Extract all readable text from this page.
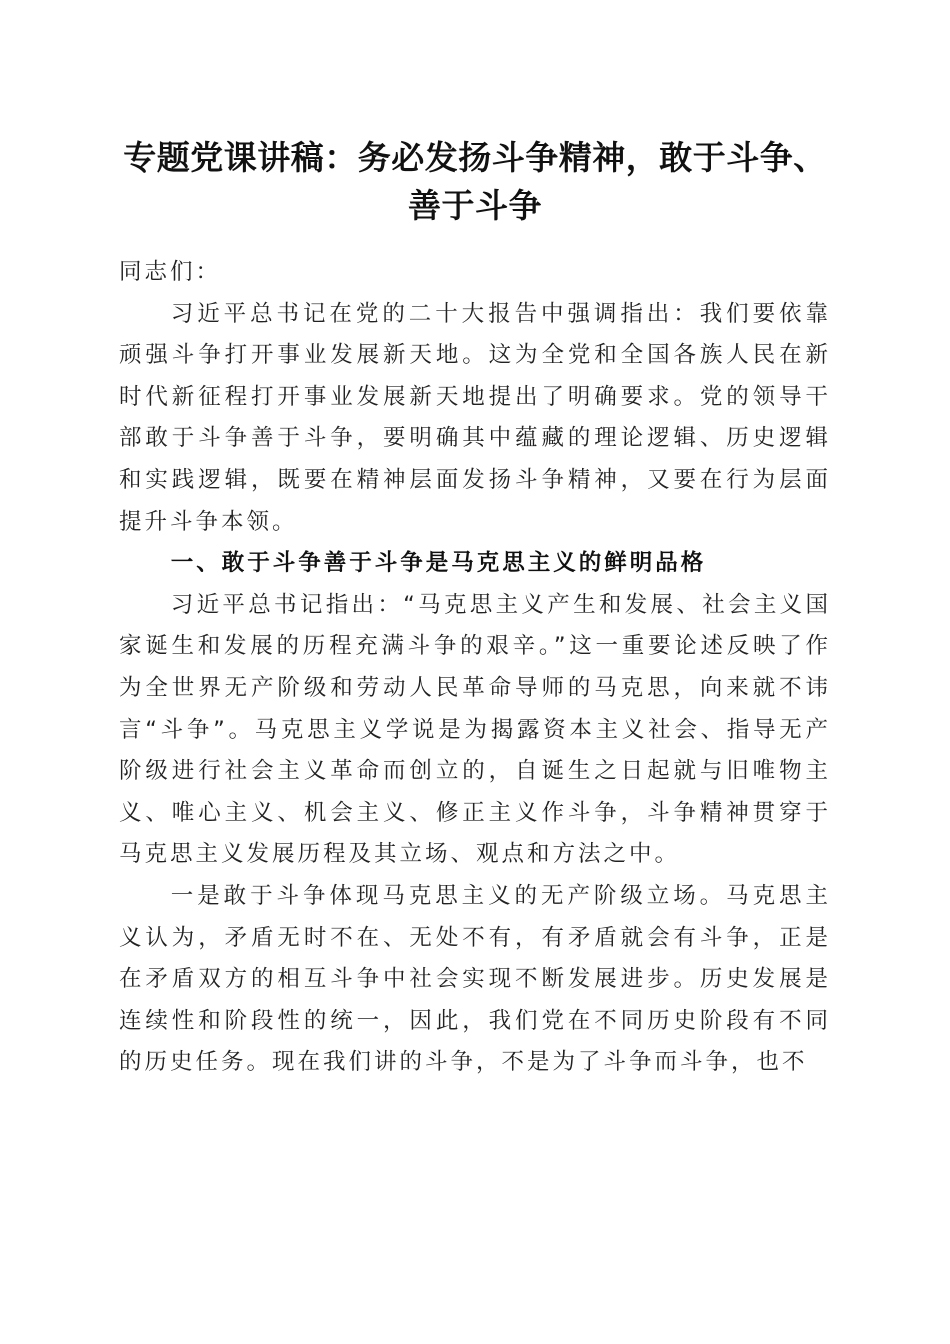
专题党课讲稿：务必发扬斗争精神，敢于斗争、
善于斗争

同志们：

习近平总书记在党的二十大报告中强调指出：我们要依靠顽强斗争打开事业发展新天地。这为全党和全国各族人民在新时代新征程打开事业发展新天地提出了明确要求。党的领导干部敢于斗争善于斗争，要明确其中蕴藏的理论逻辑、历史逻辑和实践逻辑，既要在精神层面发扬斗争精神，又要在行为层面提升斗争本领。

一、敢于斗争善于斗争是马克思主义的鲜明品格

习近平总书记指出：“马克思主义产生和发展、社会主义国家诞生和发展的历程充满斗争的艰辛。”这一重要论述反映了作为全世界无产阶级和劳动人民革命导师的马克思，向来就不讳言“斗争”。马克思主义学说是为揭露资本主义社会、指导无产阶级进行社会主义革命而创立的，自诞生之日起就与旧唯物主义、唯心主义、机会主义、修正主义作斗争，斗争精神贯穿于马克思主义发展历程及其立场、观点和方法之中。

一是敢于斗争体现马克思主义的无产阶级立场。马克思主义认为，矛盾无时不在、无处不有，有矛盾就会有斗争，正是在矛盾双方的相互斗争中社会实现不断发展进步。历史发展是连续性和阶段性的统一，因此，我们党在不同历史阶段有不同的历史任务。现在我们讲的斗争，不是为了斗争而斗争，也不
